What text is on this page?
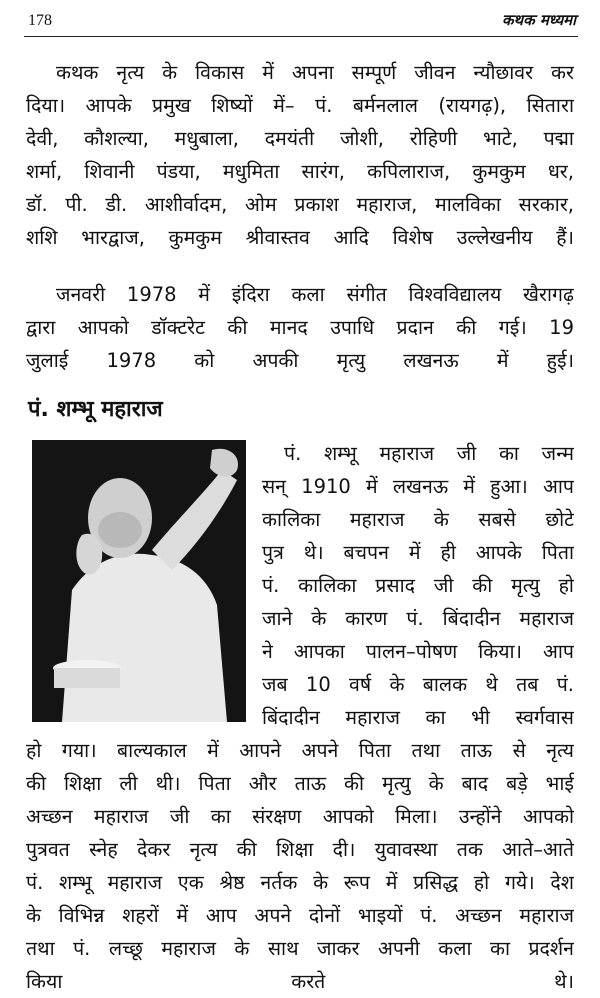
178	कथक मध्यमा
कथक नृत्य के विकास में अपना सम्पूर्ण जीवन न्यौछावर कर
दिया। आपके प्रमुख शिष्यों में– पं. बर्मनलाल (रायगढ़), सितारा
देवी, कौशल्या, मधुबाला, दमयंती जोशी, रोहिणी भाटे, पद्मा
शर्मा, शिवानी पंडया, मधुमिता सारंग, कपिलाराज, कुमकुम धर,
डॉ. पी. डी. आशीर्वादम, ओम प्रकाश महाराज, मालविका सरकार,
शशि भारद्वाज, कुमकुम श्रीवास्तव आदि विशेष उल्लेखनीय हैं।
जनवरी 1978 में इंदिरा कला संगीत विश्वविद्यालय खैरागढ़
द्वारा आपको डॉक्टरेट की मानद उपाधि प्रदान की गई। 19
जुलाई 1978 को अपकी मृत्यु लखनऊ में हुई।
पं. शम्भू महाराज
पं. शम्भू महाराज जी का जन्म
सन् 1910 में लखनऊ में हुआ। आप
कालिका महाराज के सबसे छोटे
पुत्र थे। बचपन में ही आपके पिता
पं. कालिका प्रसाद जी की मृत्यु हो
जाने के कारण पं. बिंदादीन महाराज
ने आपका पालन–पोषण किया। आप
जब 10 वर्ष के बालक थे तब पं.
बिंदादीन महाराज का भी स्वर्गवास
हो गया। बाल्यकाल में आपने अपने पिता तथा ताऊ से नृत्य
की शिक्षा ली थी। पिता और ताऊ की मृत्यु के बाद बड़े भाई
अच्छन महाराज जी का संरक्षण आपको मिला। उन्होंने आपको
पुत्रवत स्नेह देकर नृत्य की शिक्षा दी। युवावस्था तक आते–आते
पं. शम्भू महाराज एक श्रेष्ठ नर्तक के रूप में प्रसिद्ध हो गये। देश
के विभिन्न शहरों में आप अपने दोनों भाइयों पं. अच्छन महाराज
तथा पं. लच्छू महाराज के साथ जाकर अपनी कला का प्रदर्शन
किया करते थे।
